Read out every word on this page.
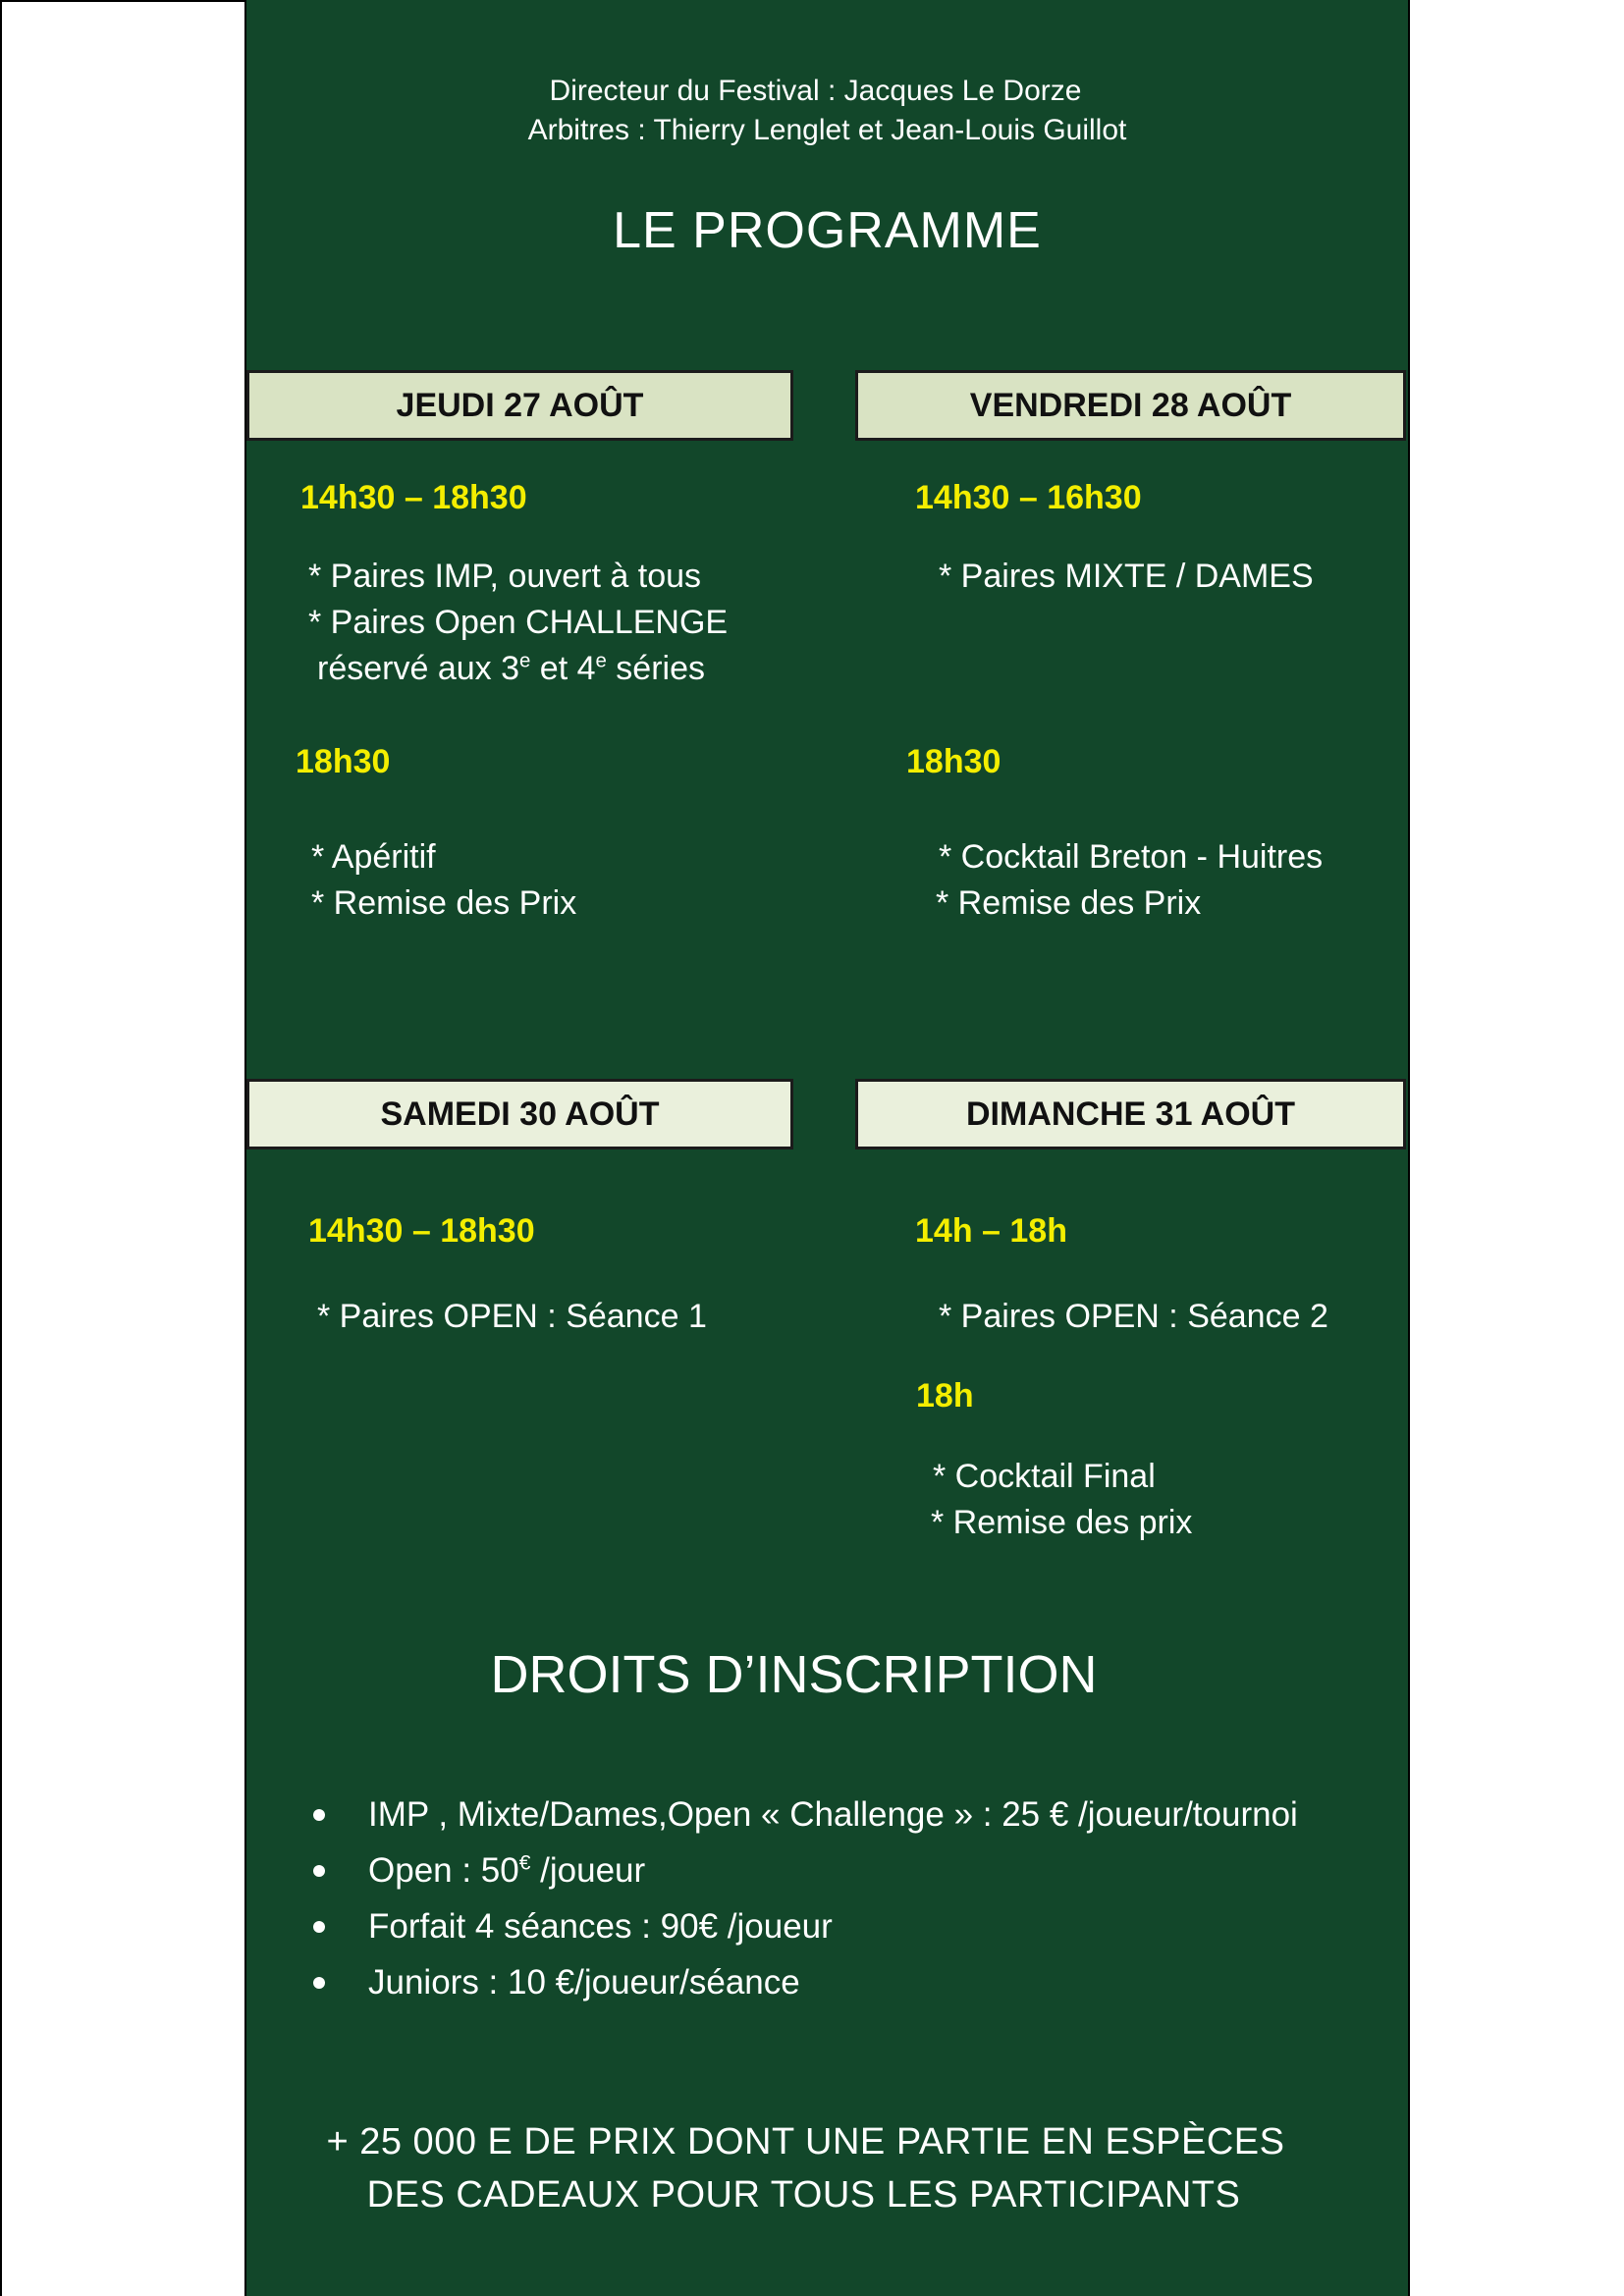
Directeur du Festival : Jacques Le Dorze
Arbitres : Thierry Lenglet et Jean-Louis Guillot
LE PROGRAMME
JEUDI 27 AOÛT
14h30 – 18h30
* Paires IMP, ouvert à tous
* Paires Open CHALLENGE
réservé aux 3e et 4e séries
18h30
* Apéritif
* Remise des Prix
VENDREDI 28 AOÛT
14h30 – 16h30
* Paires MIXTE / DAMES
18h30
* Cocktail Breton - Huitres
* Remise des Prix
SAMEDI 30 AOÛT
14h30 – 18h30
* Paires OPEN : Séance 1
DIMANCHE 31 AOÛT
14h – 18h
* Paires OPEN : Séance 2
18h
* Cocktail Final
* Remise des prix
DROITS D’INSCRIPTION
IMP , Mixte/Dames,Open « Challenge » : 25 € /joueur/tournoi
Open : 50€ /joueur
Forfait 4 séances : 90€ /joueur
Juniors : 10 €/joueur/séance
+ 25 000 E DE PRIX DONT UNE PARTIE EN ESPÈCES
DES CADEAUX POUR TOUS LES PARTICIPANTS
